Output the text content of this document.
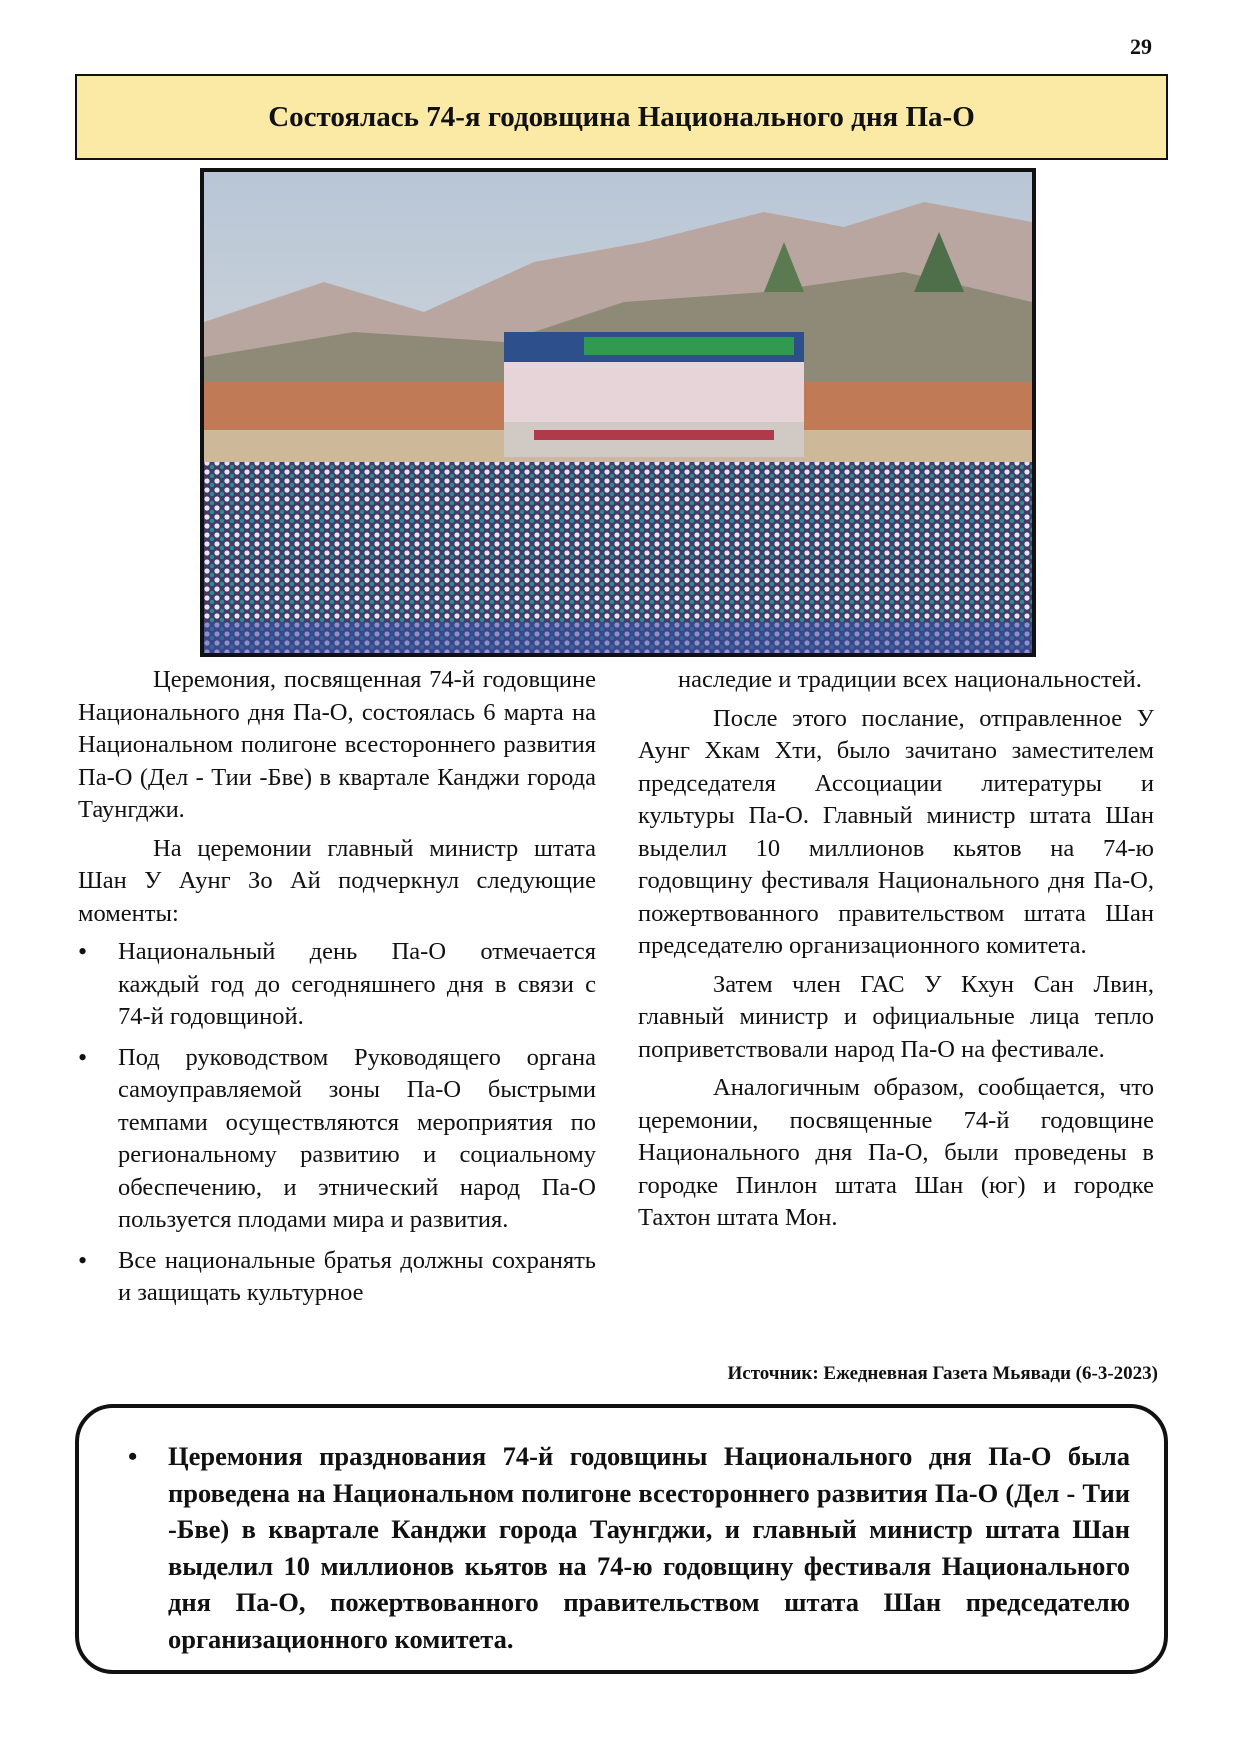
29
Состоялась 74-я годовщина Национального дня Па-О

Церемония, посвященная 74-й годовщине Национального дня Па-О, состоялась 6 марта на Национальном полигоне всестороннего развития Па-О (Дел - Тии -Бве) в квартале Канджи города Таунгджи.

На церемонии главный министр штата Шан У Аунг Зо Ай подчеркнул следующие моменты:

• Национальный день Па-О отмечается каждый год до сегодняшнего дня в связи с 74-й годовщиной.
• Под руководством Руководящего органа самоуправляемой зоны Па-О быстрыми темпами осуществляются мероприятия по региональному развитию и социальному обеспечению, и этнический народ Па-О пользуется плодами мира и развития.
• Все национальные братья должны сохранять и защищать культурное

наследие и традиции всех национальностей.

После этого послание, отправленное У Аунг Хкам Хти, было зачитано заместителем председателя Ассоциации литературы и культуры Па-О. Главный министр штата Шан выделил 10 миллионов кьятов на 74-ю годовщину фестиваля Национального дня Па-О, пожертвованного правительством штата Шан председателю организационного комитета.

Затем член ГАС У Кхун Сан Лвин, главный министр и официальные лица тепло поприветствовали народ Па-О на фестивале.

Аналогичным образом, сообщается, что церемонии, посвященные 74-й годовщине Национального дня Па-О, были проведены в городке Пинлон штата Шан (юг) и городке Тахтон штата Мон.

Источник: Ежедневная Газета Мьявади (6-3-2023)
• Церемония празднования 74-й годовщины Национального дня Па-О была проведена на Национальном полигоне всестороннего развития Па-О (Дел - Тии -Бве) в квартале Канджи города Таунгджи, и главный министр штата Шан выделил 10 миллионов кьятов на 74-ю годовщину фестиваля Национального дня Па-О, пожертвованного правительством штата Шан председателю организационного комитета.
